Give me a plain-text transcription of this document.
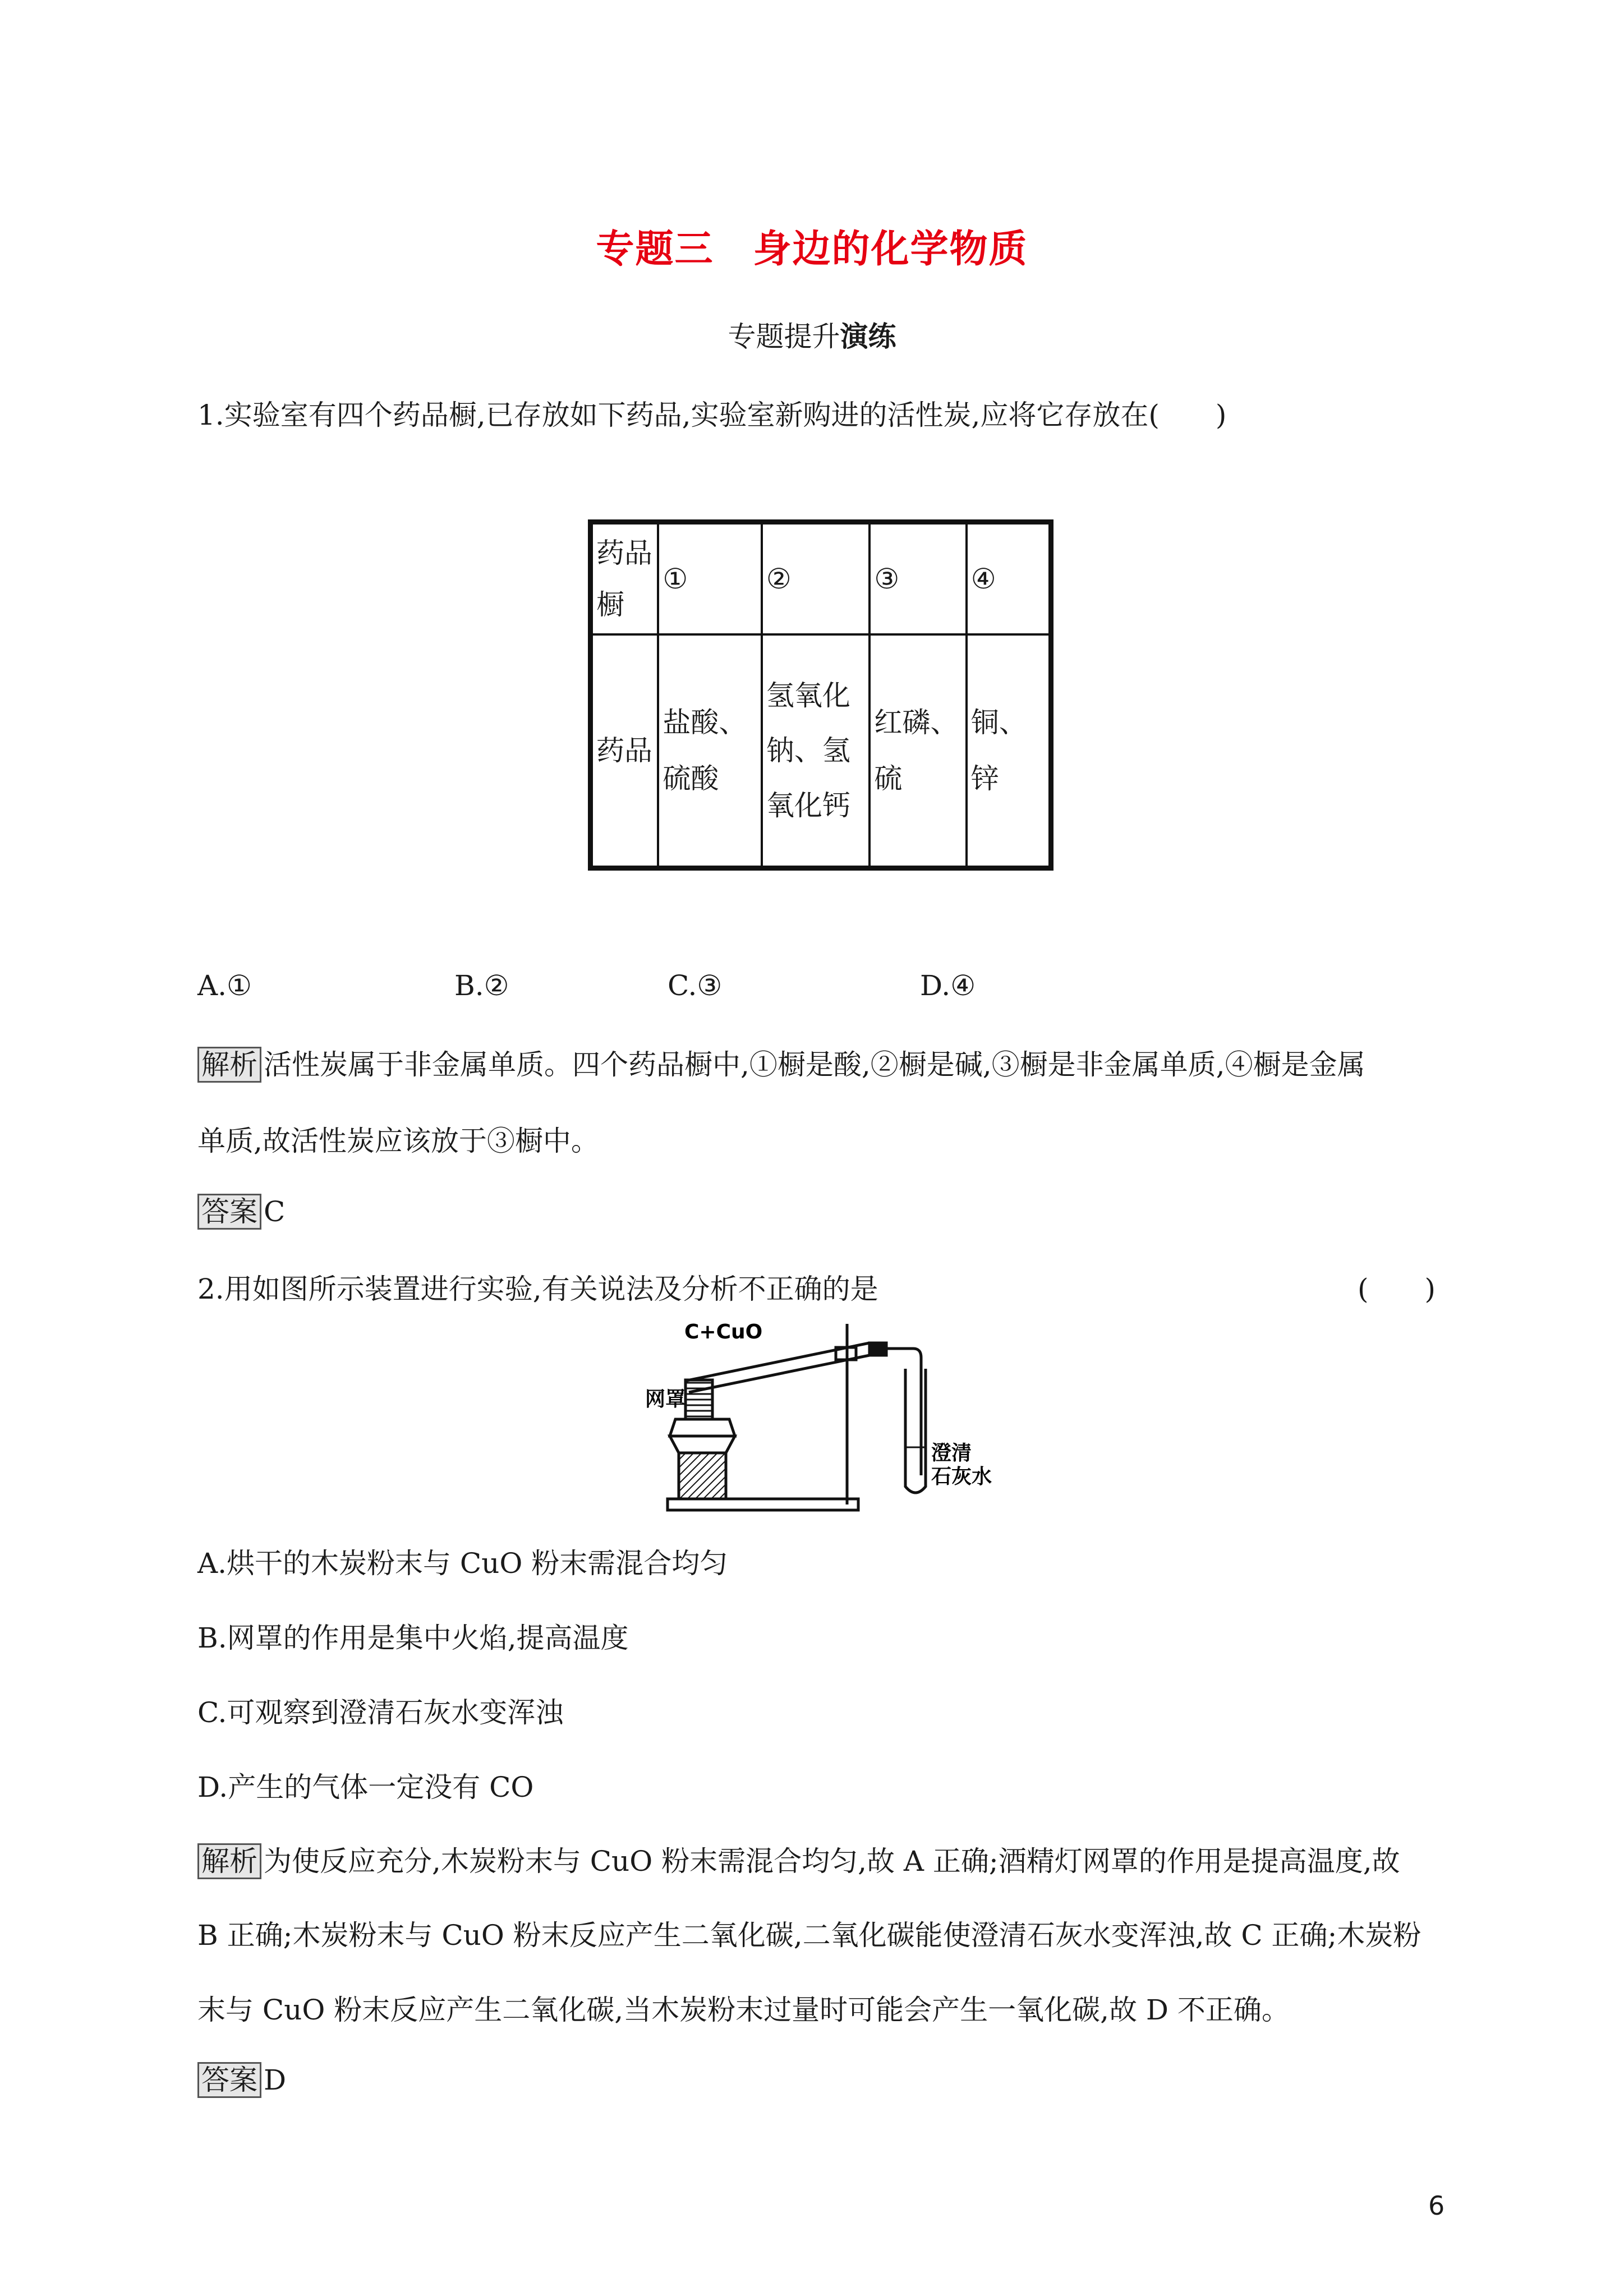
专题三　身边的化学物质
专题提升演练
1.实验室有四个药品橱,已存放如下药品,实验室新购进的活性炭,应将它存放在(　　)
药品橱	①	②	③	④
药品	盐酸、硫酸	氢氧化钠、氢氧化钙	红磷、硫	铜、锌
A.①	B.②	C.③	D.④
解析 活性炭属于非金属单质。四个药品橱中,①橱是酸,②橱是碱,③橱是非金属单质,④橱是金属
单质,故活性炭应该放于③橱中。
答案 C
2.用如图所示装置进行实验,有关说法及分析不正确的是	(　　)
C+CuO
网罩
澄清
石灰水
A.烘干的木炭粉末与 CuO 粉末需混合均匀
B.网罩的作用是集中火焰,提高温度
C.可观察到澄清石灰水变浑浊
D.产生的气体一定没有 CO
解析 为使反应充分,木炭粉末与 CuO 粉末需混合均匀,故 A 正确;酒精灯网罩的作用是提高温度,故
B 正确;木炭粉末与 CuO 粉末反应产生二氧化碳,二氧化碳能使澄清石灰水变浑浊,故 C 正确;木炭粉
末与 CuO 粉末反应产生二氧化碳,当木炭粉末过量时可能会产生一氧化碳,故 D 不正确。
答案 D
6
